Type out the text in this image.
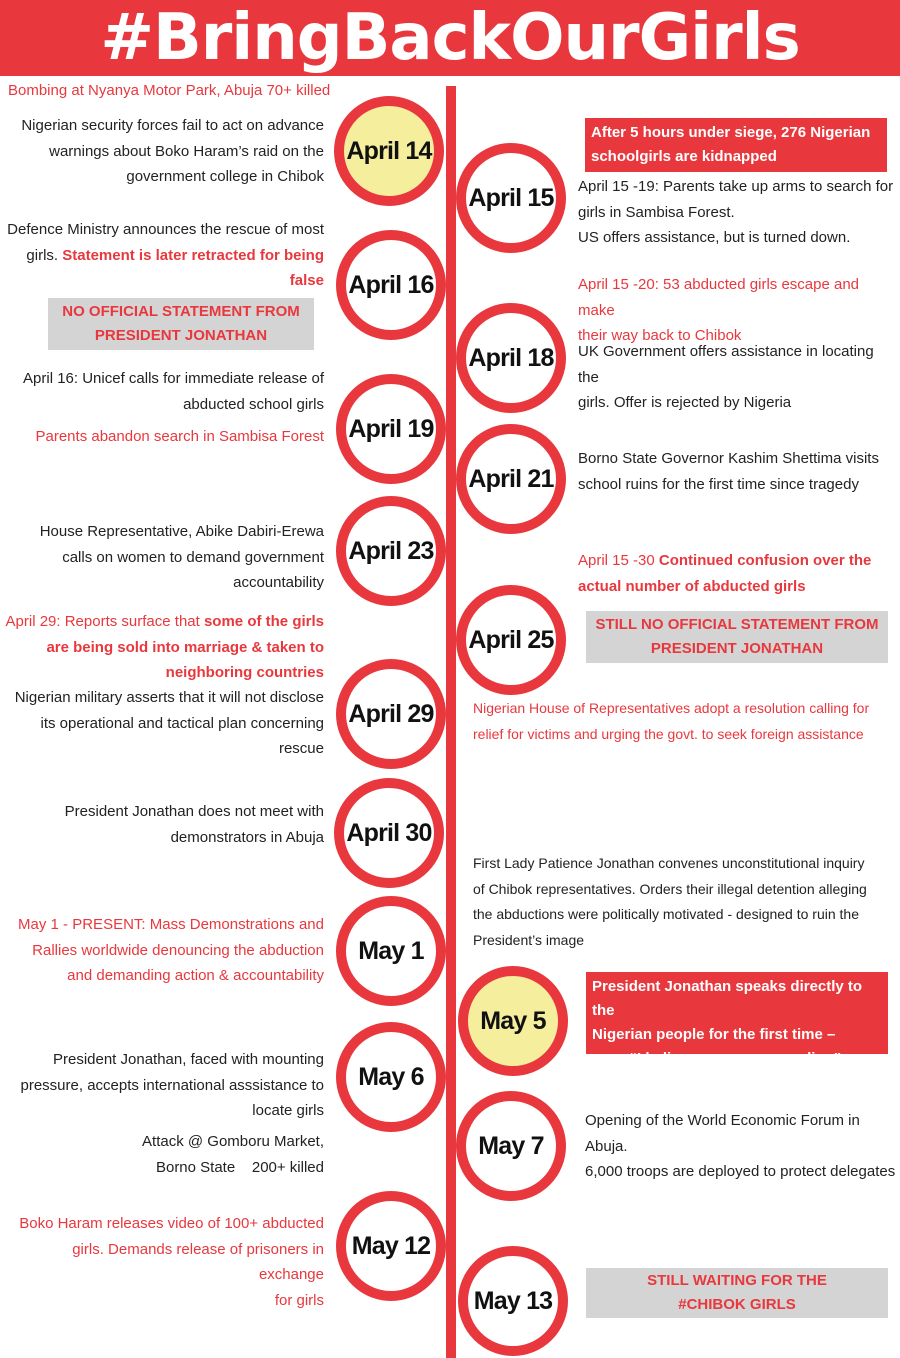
#BringBackOurGirls
April 14
April 15
April 16
April 18
April 19
April 21
April 23
April 25
April 29
April 30
May 1
May 5
May 6
May 7
May 12
May 13
Bombing at Nyanya Motor Park, Abuja 70+ killed
Nigerian security forces fail to act on advance
warnings about Boko Haram’s raid on the
government college in Chibok
Defence Ministry announces the rescue of most
girls. Statement is later retracted for being
false
NO OFFICIAL STATEMENT FROM
PRESIDENT JONATHAN
April 16: Unicef calls for immediate release of
abducted school girls
Parents abandon search in Sambisa Forest
House Representative, Abike Dabiri-Erewa
calls on women to demand government
accountability
April 29: Reports surface that some of the girls
are being sold into marriage & taken to
neighboring countries
Nigerian military asserts that it will not disclose
its operational and tactical plan concerning
rescue
President Jonathan does not meet with
demonstrators in Abuja
May 1 - PRESENT: Mass Demonstrations and
Rallies worldwide denouncing the abduction
and demanding action & accountability
President Jonathan, faced with mounting
pressure, accepts international asssistance to
locate girls
Attack @ Gomboru Market,
Borno State    200+ killed
Boko Haram releases video of 100+ abducted
girls. Demands release of prisoners in exchange
for girls
After 5 hours under siege, 276 Nigerian
schoolgirls are kidnapped
April 15 -19: Parents take up arms to search for
girls in Sambisa Forest.
US offers assistance, but is turned down.
April 15 -20: 53 abducted girls escape and make
their way back to Chibok
UK Government offers assistance in locating the
girls. Offer is rejected by Nigeria
Borno State Governor Kashim Shettima visits
school ruins for the first time since tragedy
April 15 -30 Continued confusion over the
actual number of abducted girls
STILL NO OFFICIAL STATEMENT FROM
PRESIDENT JONATHAN
Nigerian House of Representatives adopt a resolution calling for
relief for victims and urging the govt. to seek foreign assistance
First Lady Patience Jonathan convenes unconstitutional inquiry
of Chibok representatives. Orders their illegal detention alleging
the abductions were politically motivated - designed to ruin the
President’s image
President Jonathan speaks directly to the
Nigerian people for the first time –
says “I believe we are succeeding”
Opening of the World Economic Forum in Abuja.
6,000 troops are deployed to protect delegates
STILL WAITING FOR THE
#CHIBOK GIRLS
